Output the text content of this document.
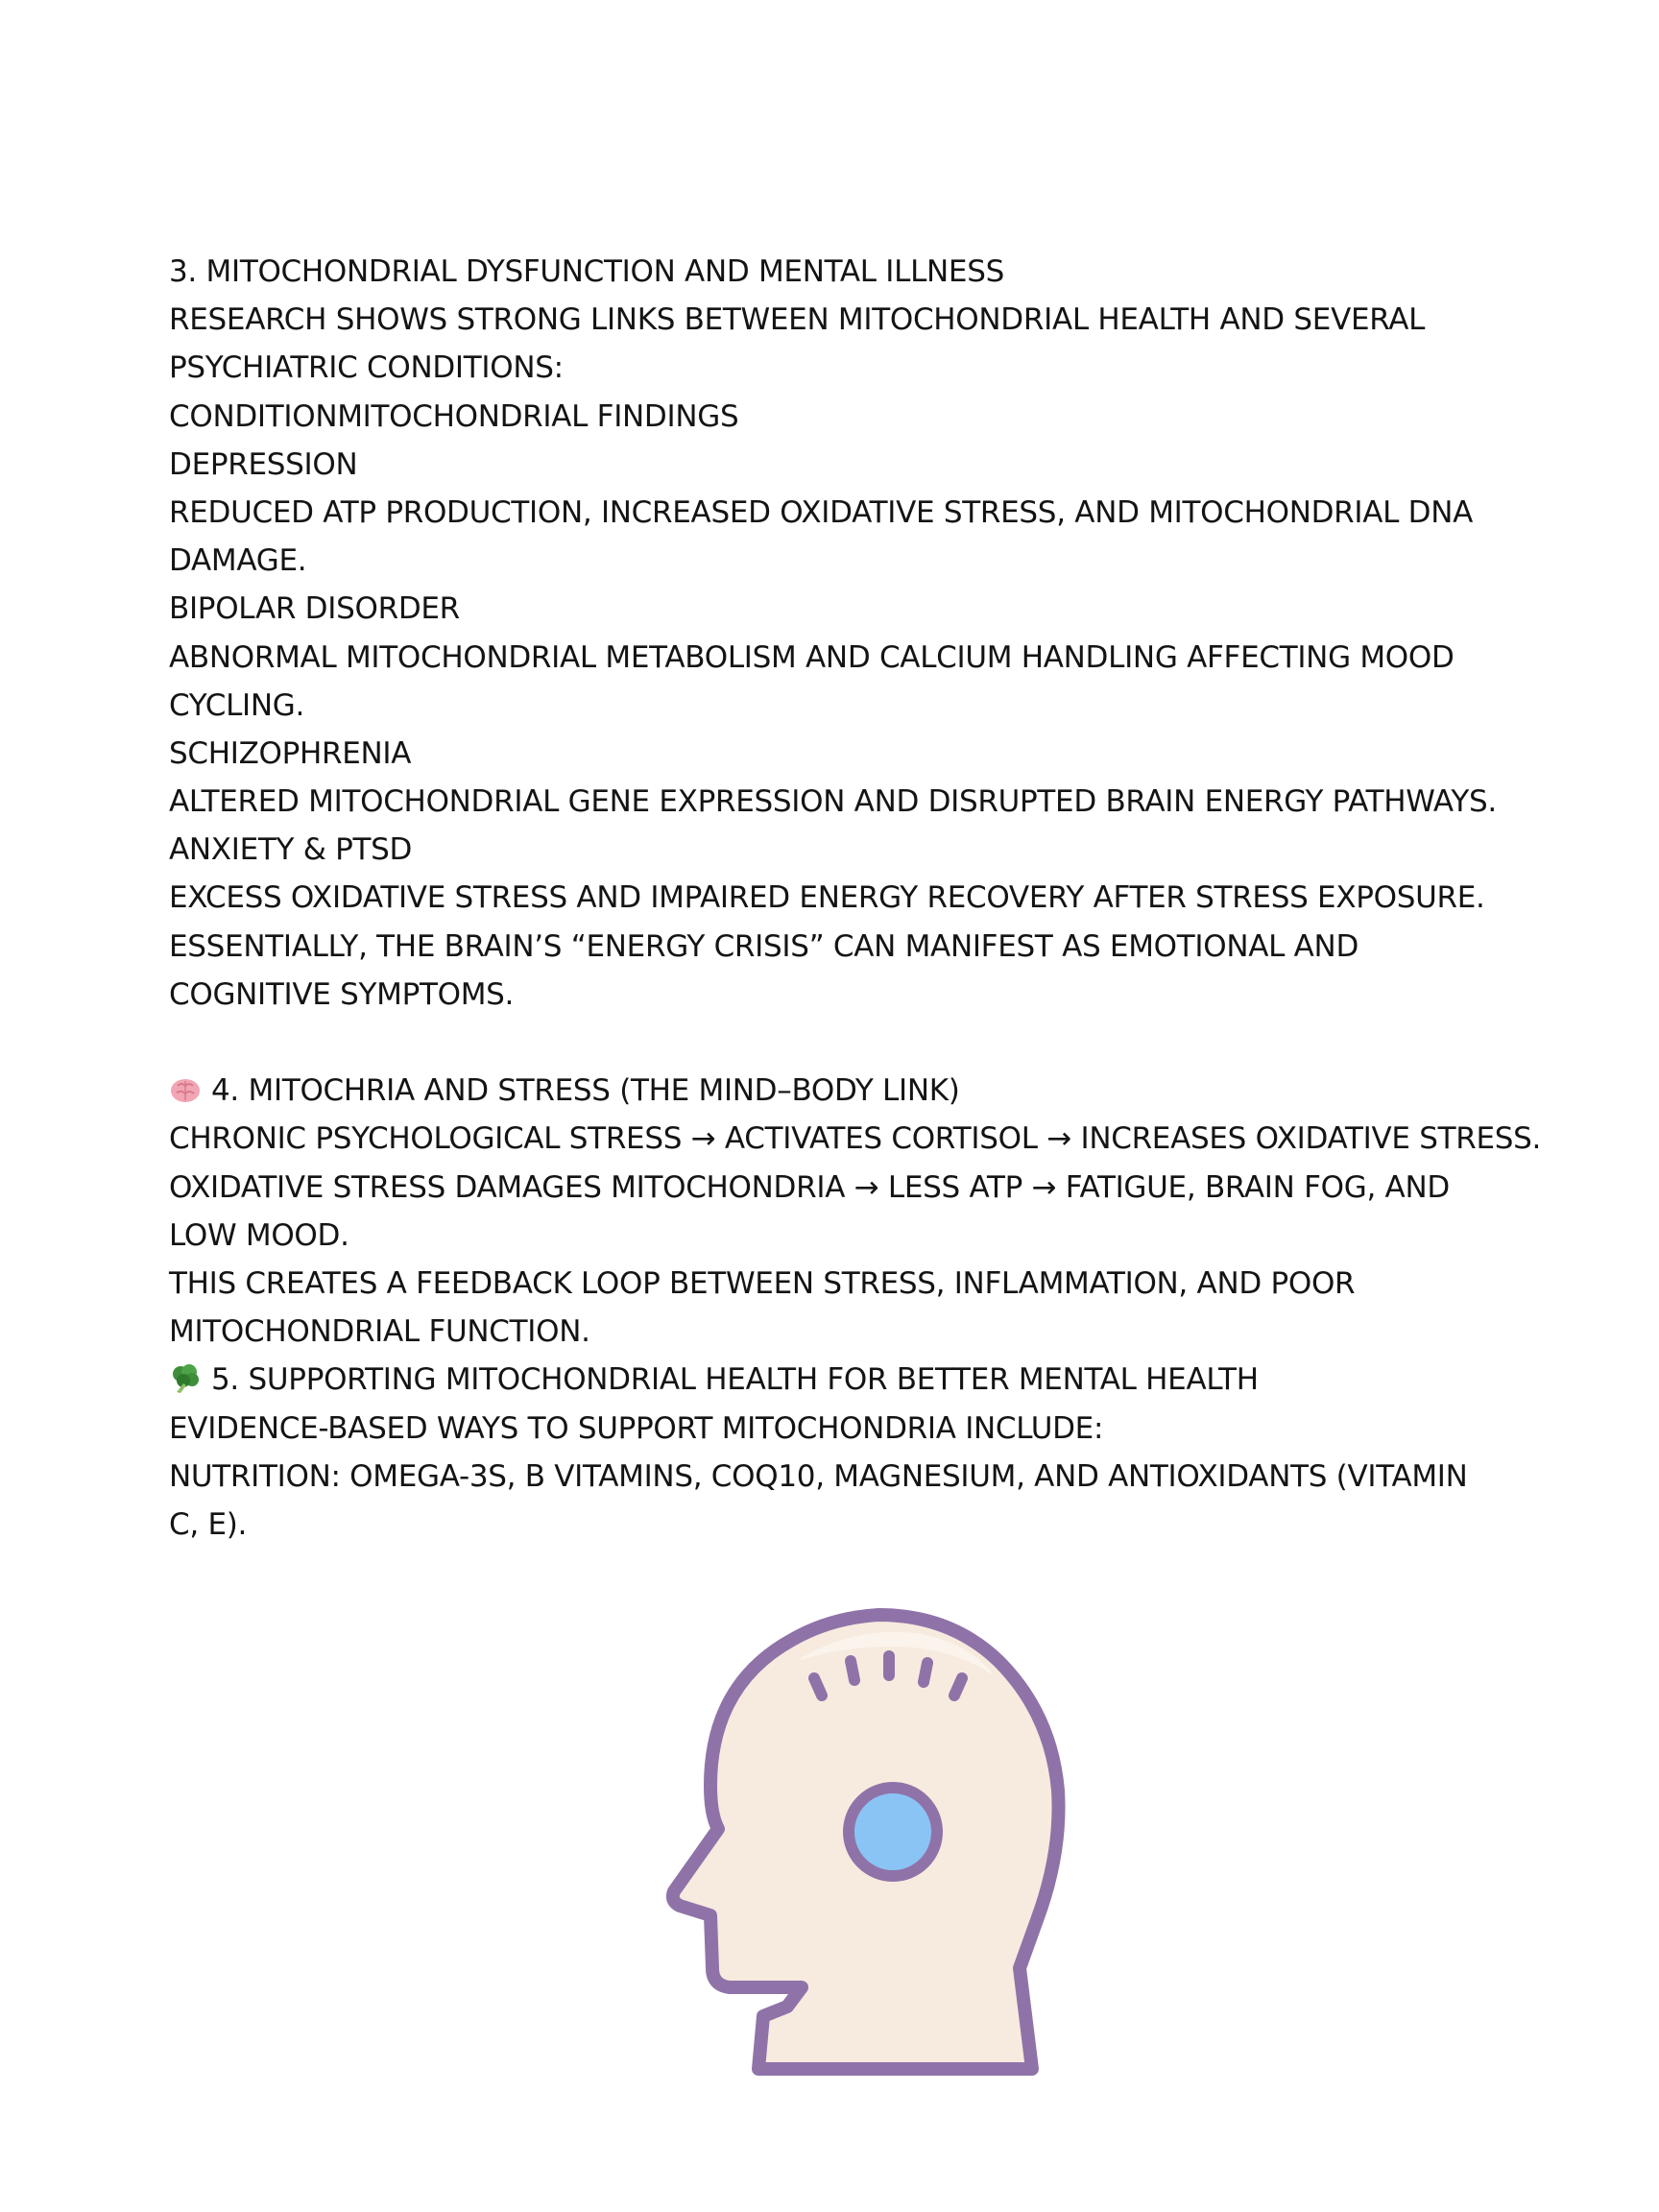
3. MITOCHONDRIAL DYSFUNCTION AND MENTAL ILLNESS
RESEARCH SHOWS STRONG LINKS BETWEEN MITOCHONDRIAL HEALTH AND SEVERAL
PSYCHIATRIC CONDITIONS:
CONDITIONMITOCHONDRIAL FINDINGS
DEPRESSION
REDUCED ATP PRODUCTION, INCREASED OXIDATIVE STRESS, AND MITOCHONDRIAL DNA
DAMAGE.
BIPOLAR DISORDER
ABNORMAL MITOCHONDRIAL METABOLISM AND CALCIUM HANDLING AFFECTING MOOD
CYCLING.
SCHIZOPHRENIA
ALTERED MITOCHONDRIAL GENE EXPRESSION AND DISRUPTED BRAIN ENERGY PATHWAYS.
ANXIETY & PTSD
EXCESS OXIDATIVE STRESS AND IMPAIRED ENERGY RECOVERY AFTER STRESS EXPOSURE.
ESSENTIALLY, THE BRAIN’S “ENERGY CRISIS” CAN MANIFEST AS EMOTIONAL AND
COGNITIVE SYMPTOMS.
4. MITOCHRIA AND STRESS (THE MIND–BODY LINK)
CHRONIC PSYCHOLOGICAL STRESS → ACTIVATES CORTISOL → INCREASES OXIDATIVE STRESS.
OXIDATIVE STRESS DAMAGES MITOCHONDRIA → LESS ATP → FATIGUE, BRAIN FOG, AND
LOW MOOD.
THIS CREATES A FEEDBACK LOOP BETWEEN STRESS, INFLAMMATION, AND POOR
MITOCHONDRIAL FUNCTION.
5. SUPPORTING MITOCHONDRIAL HEALTH FOR BETTER MENTAL HEALTH
EVIDENCE-BASED WAYS TO SUPPORT MITOCHONDRIA INCLUDE:
NUTRITION: OMEGA-3S, B VITAMINS, COQ10, MAGNESIUM, AND ANTIOXIDANTS (VITAMIN
C, E).
